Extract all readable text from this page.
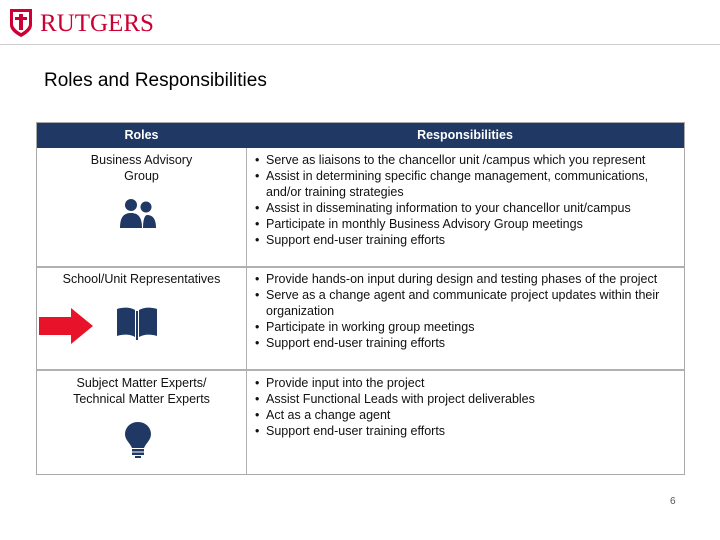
RUTGERS
Roles and Responsibilities
Roles	Responsibilities
Business Advisory
Group
• Serve as liaisons to the chancellor unit /campus which you represent
• Assist in determining specific change management, communications, and/or training strategies
• Assist in disseminating information to your chancellor unit/campus
• Participate in monthly Business Advisory Group meetings
• Support end-user training efforts
School/Unit Representatives
•	Provide hands-on input during design and testing phases of the project
• Serve as a change agent and communicate project updates within their organization
• Participate in working group meetings
• Support end-user training efforts
Subject Matter Experts/
Technical Matter Experts
• Provide input into the project
• Assist Functional Leads with project deliverables
• Act as a change agent
• Support end-user training efforts
6
